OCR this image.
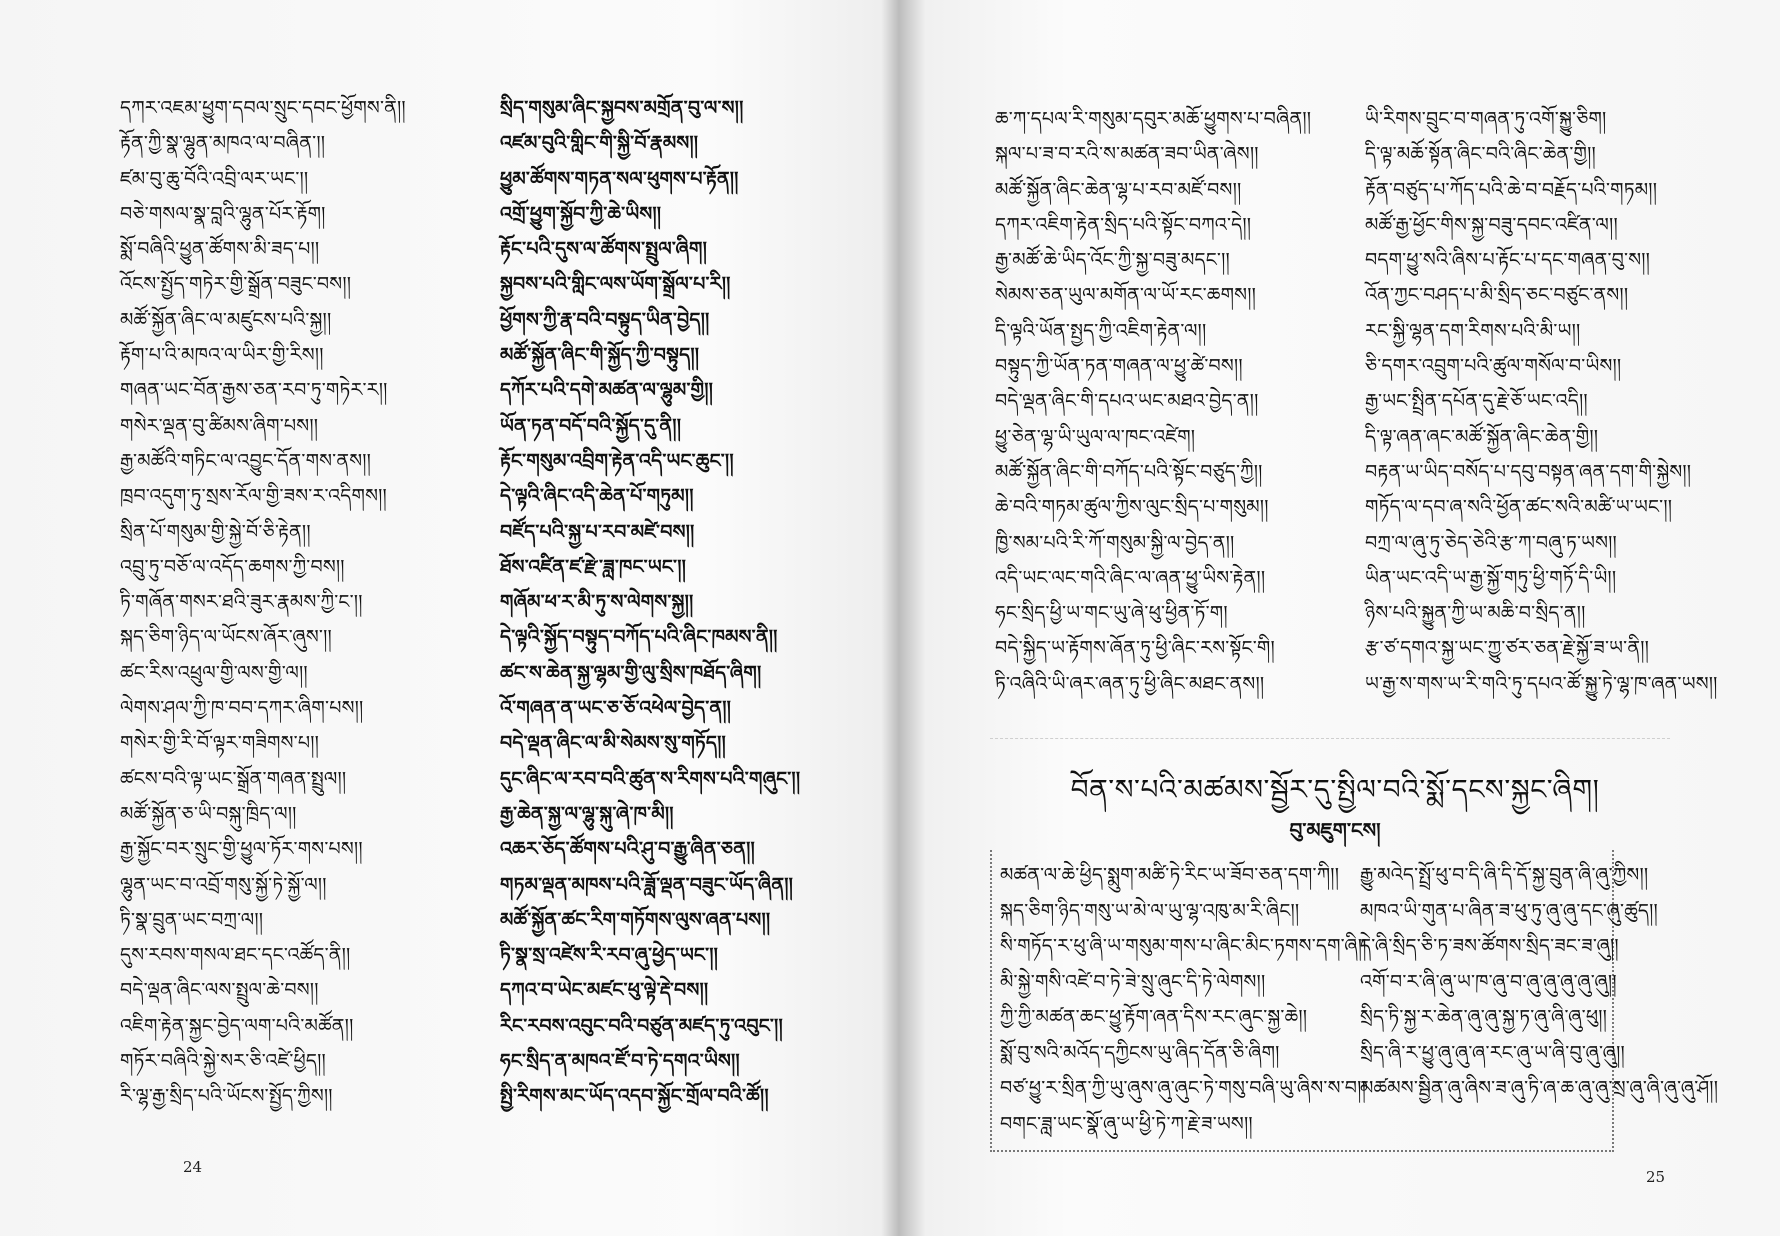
དཀར་འཇམ་ཕྱུག་དབལ་སྲུང་དབང་ཕྱོགས་ནི།།
རྟོན་ཀྱི་སྣ་ལྷུན་མཁའ་ལ་བཞིན་།།
ཛམ་བུ་ཆུ་བོའི་འབྲི་ལར་ཡང་།།
བཅེ་གསལ་སྣ་བླའི་ལྷུན་པོར་རྟོག།
སྨོ་བཞིའི་ཕྱུན་ཚོགས་མི་ཟད་པ།།
འོངས་སྤྱོད་གཏེར་གྱི་སྒྲོན་བཟུང་བས།།
མཚོ་སྐྱོན་ཞིང་ལ་མཛུངས་པའི་སྐྱ།།
རྟོག་པ་འི་མཁའ་ལ་ཡིར་གྱི་རིས།།
གཞན་ཡང་བོན་རྒྱས་ཅན་རབ་ཏུ་གཏེར་ར།།
གསེར་ལྡན་བུ་ཚིམས་ཞིག་པས།།
རྒྱ་མཚོའི་གཏིང་ལ་འབྱུང་དོན་གས་ནས།།
ཁྲབ་འདུག་ཏུ་སྲས་རོལ་གྱི་ཟས་ར་འདིགས།།
སྲིན་པོ་གསུམ་གྱི་སྐྱེ་བོ་ཅི་རྟེན།།
འབྲུ་ཏུ་བཅོ་ལ་འདོད་ཆགས་ཀྱི་བས།།
ཏི་གཞོན་གསར་ཐའི་ཟུར་རྣམས་ཀྱི་ང་།།
སྐད་ཅིག་ཉིད་ལ་ཡོངས་ཞོར་ཞུས་།།
ཚང་རིས་འཕྲུལ་གྱི་ལས་གྱི་ལ།།
ལེགས་ཤལ་ཀྱི་ཁ་བབ་དཀར་ཞིག་པས།།
གསེར་གྱི་རི་བོ་ལྟར་གཟིགས་པ།།
ཚངས་བའི་ལྟ་ཡང་སྒྲོན་གཞན་སྤྲུལ།།
མཚོ་སྐྱོན་ཅ་ཡི་བསྐུ་ཁྲིད་ལ།།
རྒྱ་སྐྱོང་བར་སྲུང་གྱི་ཕྱུལ་ཏོར་གས་པས།།
ལྷུན་ཡང་བ་འབྲོ་གསུ་སྐྱོ་ཏེ་སྐྱོ་ལ།།
ཏི་སྣ་བྲུན་ཡང་བཀྲ་ལ།།
དུས་རབས་གསལ་ཐང་དང་འཚོད་ནི།།
བདེ་ལྡན་ཞིང་ལས་སྤྲུལ་ཆེ་བས།།
འཇིག་རྟེན་སྐྱང་བྱེད་ལག་པའི་མཚོན།།
གཏོར་བཞིའི་སྐྱེ་སར་ཅི་འཛེ་ཕྱིད།།
རི་ལྷ་རྒྱ་སྲིད་པའི་ཡོངས་སྤྱོད་ཀྱིས།།
སྲིད་གསུམ་ཞིང་སྐྱབས་མགྲོན་བུ་ལ་ས།།
འཛམ་བུའི་གླིང་གི་སྐྱི་བོ་རྣམས།།
ཕྱུམ་ཚོགས་གཏན་སལ་ཕུགས་པ་རྟོན།།
འགྲོ་ཕྱུག་སྐྱོབ་ཀྱི་ཆེ་ཡིས།།
རྟོང་པའི་དུས་ལ་ཚོགས་སྤྲུལ་ཞིག།
སྐྱབས་པའི་གླིང་ལས་ཡོག་སྒྲོལ་པ་རི།།
ཕྱོགས་ཀྱི་རྣ་བའི་བསྟུད་ཡིན་བྱེད།།
མཚོ་སྐྱོན་ཞིང་གི་སྐྱོད་ཀྱི་བསྟུད།།
དཀོར་པའི་དགེ་མཚན་ལ་ལྷུམ་གྱི།།
ཡོན་ཏན་བདོ་བའི་སྐྱོད་དུ་ནི།།
རྟོང་གསུམ་འབྲིག་རྟེན་འདི་ཡང་ཆུང་།།
དེ་ལྟའི་ཞིང་འདི་ཆེན་པོ་གཏུམ།།
བཛོད་པའི་སྐྱ་པ་རབ་མཛེ་བས།།
ཐོས་འཛིན་ཛ་རྫེ་ཟླ་ཁང་ཡང་།།
གཞོམ་ཕ་ར་མི་ཏུ་ས་ལེགས་སྐྱ།།
དེ་ལྟའི་སྐྱོད་བསྟུད་བཀོད་པའི་ཞིང་ཁམས་ནི།།
ཚང་ས་ཆེན་སྐྱ་ལྷམ་གྱི་ལུ་སྲིས་ཁཐོད་ཞིག།
འོ་གཞན་ན་ཡང་ཅ་ཅོ་འཕེལ་བྱེད་ན།།
བདེ་ལྡན་ཞིང་ལ་མི་སེམས་སུ་གཏོད།།
དུང་ཞིང་ལ་རབ་བའི་ཚུན་ས་རིགས་པའི་གཞུང་།།
རྒྱ་ཆེན་སྐྱ་ལ་ལྷུ་སྐུ་ཞེ་ཁ་མི།།
འཆར་ཅོད་ཚོགས་པའི་ཤུ་བ་རྒྱུ་ཞིན་ཅན།།
གཏམ་ལྡན་མཁས་པའི་ཟློ་ལྡན་བཟུང་ཡོད་ཞིན།།
མཚོ་སྐྱོན་ཚང་རིག་གཏོགས་ལུས་ཞན་པས།།
ཏི་སྣ་སྲ་འཛེས་རི་རབ་ཞུ་ཕྱེད་ཡང་།།
དཀའ་བ་ཡེང་མཛང་ཕུ་ལྟེ་རྡེ་བས།།
རིང་རབས་འབུང་བའི་བཙུན་མཛད་ཏུ་འབུང་།།
ཧང་སྲིད་ན་མཁའ་ཛོ་བ་ཏེ་དགའ་ཡིས།།
སྤྱི་རིགས་མང་ཡོད་འདབ་སྐྱོང་གྲོལ་བའི་ཚོ།།
24
ཆ་ཀ་དཔལ་རི་གསུམ་དབུར་མཆོ་ཕྱུགས་པ་བཞིན།།
སྐལ་པ་ཟ་བ་རའི་ས་མཚན་ཟབ་ཡིན་ཞེས།།
མཚོ་སྐྱོན་ཞིང་ཆེན་ལྷ་པ་རབ་མཛོ་བས།།
དཀར་འཇིག་རྟེན་སྲིད་པའི་སྟོང་བཀའ་དེ།།
རྒྱ་མཚོ་ཆེ་ཡིད་འོང་ཀྱི་སྐྱ་བཟུ་མདང་།།
སེམས་ཅན་ཡུལ་མགོན་ལ་ཡོ་རང་ཆགས།།
དི་ལྟའི་ཡོན་སྤྱད་ཀྱི་འཇིག་རྟེན་ལ།།
བསྟུད་ཀྱི་ཡོན་ཏན་གཞན་ལ་ཕྱུ་ཚེ་བས།།
བདེ་ལྡན་ཞིང་གི་དཔའ་ཡང་མཐའ་བྱེད་ན།།
ཕྱུ་ཅེན་ལྷ་ཡི་ཡུལ་ལ་ཁང་འཛེག།
མཚོ་སྐྱོན་ཞིང་གི་བཀོད་པའི་སྟོང་བཙུད་ཀྱི།།
ཆེ་བའི་གཏམ་ཚུལ་ཀྱིས་ལུང་སྲིད་པ་གསུམ།།
ཁྱི་སམ་པའི་རི་ཀོ་གསུམ་སྐྱི་ལ་བྱེད་ན།།
འདི་ཡང་ལང་གའི་ཞིང་ལ་ཞན་ཕྱུ་ཡིས་རྟེན།།
ཧང་སྲིད་ཕྱི་ཡ་གང་ཡུ་ཞེ་ཕུ་ཕྱིན་ཏོ་ག།
བདེ་སྐྱིད་ཡ་རྟོགས་ཞོན་ཏུ་ཕྱི་ཞིང་རས་སྟོང་གི།
ཏི་འཞིའི་ཡི་ཞར་ཞན་ཏུ་ཕྱི་ཞིང་མཐང་ནས།།
ཡི་རིགས་བྲུང་བ་གཞན་ཏུ་འགོ་སྐྱུ་ཅིག།
དི་ལྟ་མཆོ་སྟོན་ཞིང་བའི་ཞིང་ཆེན་གྱི།།
རྟོན་བཙུད་པ་ཀོད་པའི་ཆེ་བ་བརྗོད་པའི་གཏམ།།
མཚོ་རྒྱ་ཕྱོང་གིས་སྐྱ་བཟུ་དབང་འཛིན་ལ།།
བདག་ཕྱུ་སའི་ཞིས་པ་རྟོང་པ་དང་གཞན་བུ་ས།།
འོན་ཀྱང་བཤད་པ་མི་སྲིད་ཅང་བཙུང་ནས།།
རང་སྐྱི་ལྷན་དག་རིགས་པའི་མི་ཡ།།
ཅི་དགར་འབྲུག་པའི་ཚུལ་གསོལ་བ་ཡིས།།
རྒྱ་ཡང་སྤྲིན་དཔོན་དུ་རྗེ་ཅོ་ཡང་འདི།།
དི་ལྟ་ཞན་ཞང་མཚོ་སྐྱོན་ཞིང་ཆེན་གྱི།།
བརྟན་ཡ་ཡིད་བསོད་པ་དབུ་བསྟན་ཞན་དག་གི་སྐྱེས།།
གཏོད་ལ་དབ་ཞ་སའི་ཕྱོན་ཚང་སའི་མཚི་ཡ་ཡང་།།
བཀྲ་ལ་ཞུ་ཏུ་ཅེད་ཅེའི་རྩ་ཀ་བཞུ་ཏ་ཡས།།
ཡིན་ཡང་འདི་ཡ་རྒྱ་སྐྱོ་གཏུ་ཕྱི་གཏོ་དི་ཡི།།
ཉིས་པའི་སྐྱུན་ཀྱི་ཡ་མཆི་བ་སྲིད་ན།།
རྩ་ཙ་དགའ་སྐྱ་ཡང་ཀྱུ་ཙར་ཅན་རྗེ་སྐྱོ་ཟ་ཡ་ནི།།
ཡ་རྒྱ་ས་གས་ཡ་རི་གའི་ཏུ་དཔའ་ཚོ་སྐྱུ་ཏེ་ལྷ་ཁ་ཞན་ཡས།།
བོན་ས་པའི་མཚམས་སྦྱོར་དུ་སྤྱིལ་བའི་སྨོ་དངས་སྐྱང་ཞིག།
བུ་མཇུག་ངས།
མཚན་ལ་ཆེ་ཕྱིད་སྨུག་མཚི་ཏེ་རིང་ཡ་ཟོབ་ཅན་དག་ཀི།།
སྐད་ཅིག་ཉིད་གསུ་ཡ་མེ་ལ་ཡུ་ལྷ་འཁུ་མ་རི་ཞིང།།
སི་གཏོད་ར་ཕུ་ཞི་ཡ་གསུམ་གས་པ་ཞིང་མིང་ཏགས་དག་ཞི།།
མི་སྐྱེ་གསི་འཛེ་བ་ཏེ་ཟེ་སྲུ་ཞུང་དི་ཏེ་ལེགས།།
ཀྱི་ཀྱི་མཚན་ཆང་ཕྱུ་རྟོག་ཞན་དིས་རང་ཞུང་སྐྱ་ཆེ།།
སྨོ་བུ་སའི་མའོད་དཀྱིངས་ཡུ་ཞིད་དོན་ཅི་ཞིག།
བཙ་ཕྱུ་ར་སྲིན་ཀྱི་ཡུ་ཞུས་ཞུ་ཞུང་ཏེ་གསུ་བཞི་ཡུ་ཞིས་ས་བ།།
བགང་ཟླ་ཡང་སྣོ་ཞུ་ཡ་ཕྱི་ཏེ་ཀ་རྗེ་ཟ་ཡས།།
རྒྱུ་མའེད་སྤྲོ་ཕུ་བ་དི་ཞི་དི་དོ་སྐྱ་བྲུན་ཞི་ཞུ་ཀྱིས།།
མཁའ་ཡི་གུན་པ་ཞིན་ཟ་ཕུ་ཏུ་ཞུ་ཞུ་དང་ཞུ་ཚུད།།
དེ་ཞི་སྲིད་ཅི་ཏ་ཟས་ཚོགས་སྲིད་ཟང་ཟ་ཞུ།།
འགོ་བ་ར་ཞི་ཞུ་ཡ་ཁ་ཞུ་བ་ཞུ་ཞུ་ཞུ་ཞུ་ཞུ།།
སྲིད་ཏི་སྐྱ་ར་ཆེན་ཞུ་ཞུ་སྐྱ་ཏ་ཞུ་ཞི་ཞུ་ཕུ།།
སྲིད་ཞི་ར་ཕྱུ་ཞུ་ཞུ་ཞ་རང་ཞུ་ཡ་ཞི་བུ་ཞུ་ཞུ།།
མཚམས་སྦྱིན་ཞུ་ཞིས་ཟ་ཞུ་ཏི་ཞ་ཆ་ཞུ་ཞུ་སྲ་ཞུ་ཞི་ཞུ་ཞུ་ཤོ།།
25
